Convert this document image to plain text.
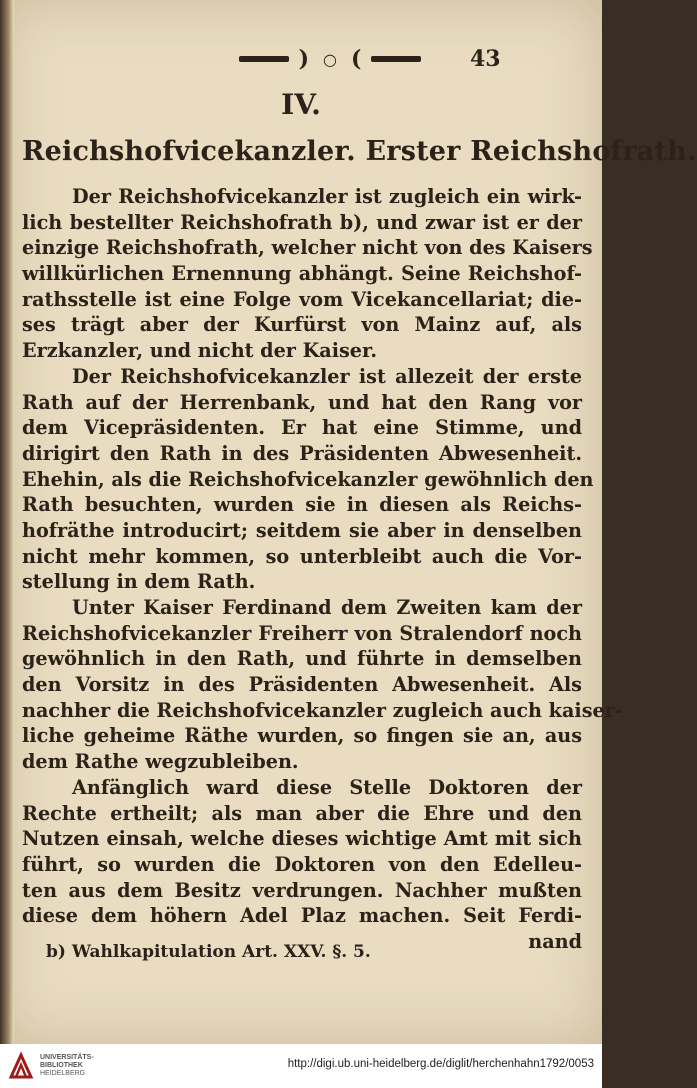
) ○ (	43
IV.
Reichshofvicekanzler. Erster Reichshofrath.
Der Reichshofvicekanzler ist zugleich ein wirk-
lich bestellter Reichshofrath b), und zwar ist er der
einzige Reichshofrath, welcher nicht von des Kaisers
willkürlichen Ernennung abhängt. Seine Reichshof-
rathsstelle ist eine Folge vom Vicekancellariat; die-
ses trägt aber der Kurfürst von Mainz auf, als
Erzkanzler, und nicht der Kaiser.
Der Reichshofvicekanzler ist allezeit der erste
Rath auf der Herrenbank, und hat den Rang vor
dem Vicepräsidenten. Er hat eine Stimme, und
dirigirt den Rath in des Präsidenten Abwesenheit.
Ehehin, als die Reichshofvicekanzler gewöhnlich den
Rath besuchten, wurden sie in diesen als Reichs-
hofräthe introducirt; seitdem sie aber in denselben
nicht mehr kommen, so unterbleibt auch die Vor-
stellung in dem Rath.
Unter Kaiser Ferdinand dem Zweiten kam der
Reichshofvicekanzler Freiherr von Stralendorf noch
gewöhnlich in den Rath, und führte in demselben
den Vorsitz in des Präsidenten Abwesenheit. Als
nachher die Reichshofvicekanzler zugleich auch kaiser-
liche geheime Räthe wurden, so fingen sie an, aus
dem Rathe wegzubleiben.
Anfänglich ward diese Stelle Doktoren der
Rechte ertheilt; als man aber die Ehre und den
Nutzen einsah, welche dieses wichtige Amt mit sich
führt, so wurden die Doktoren von den Edelleu-
ten aus dem Besitz verdrungen. Nachher mußten
diese dem höhern Adel Plaz machen. Seit Ferdi-
nand
b) Wahlkapitulation Art. XXV. §. 5.
UNIVERSITÄTS-
BIBLIOTHEK
HEIDELBERG
http://digi.ub.uni-heidelberg.de/diglit/herchenhahn1792/0053
